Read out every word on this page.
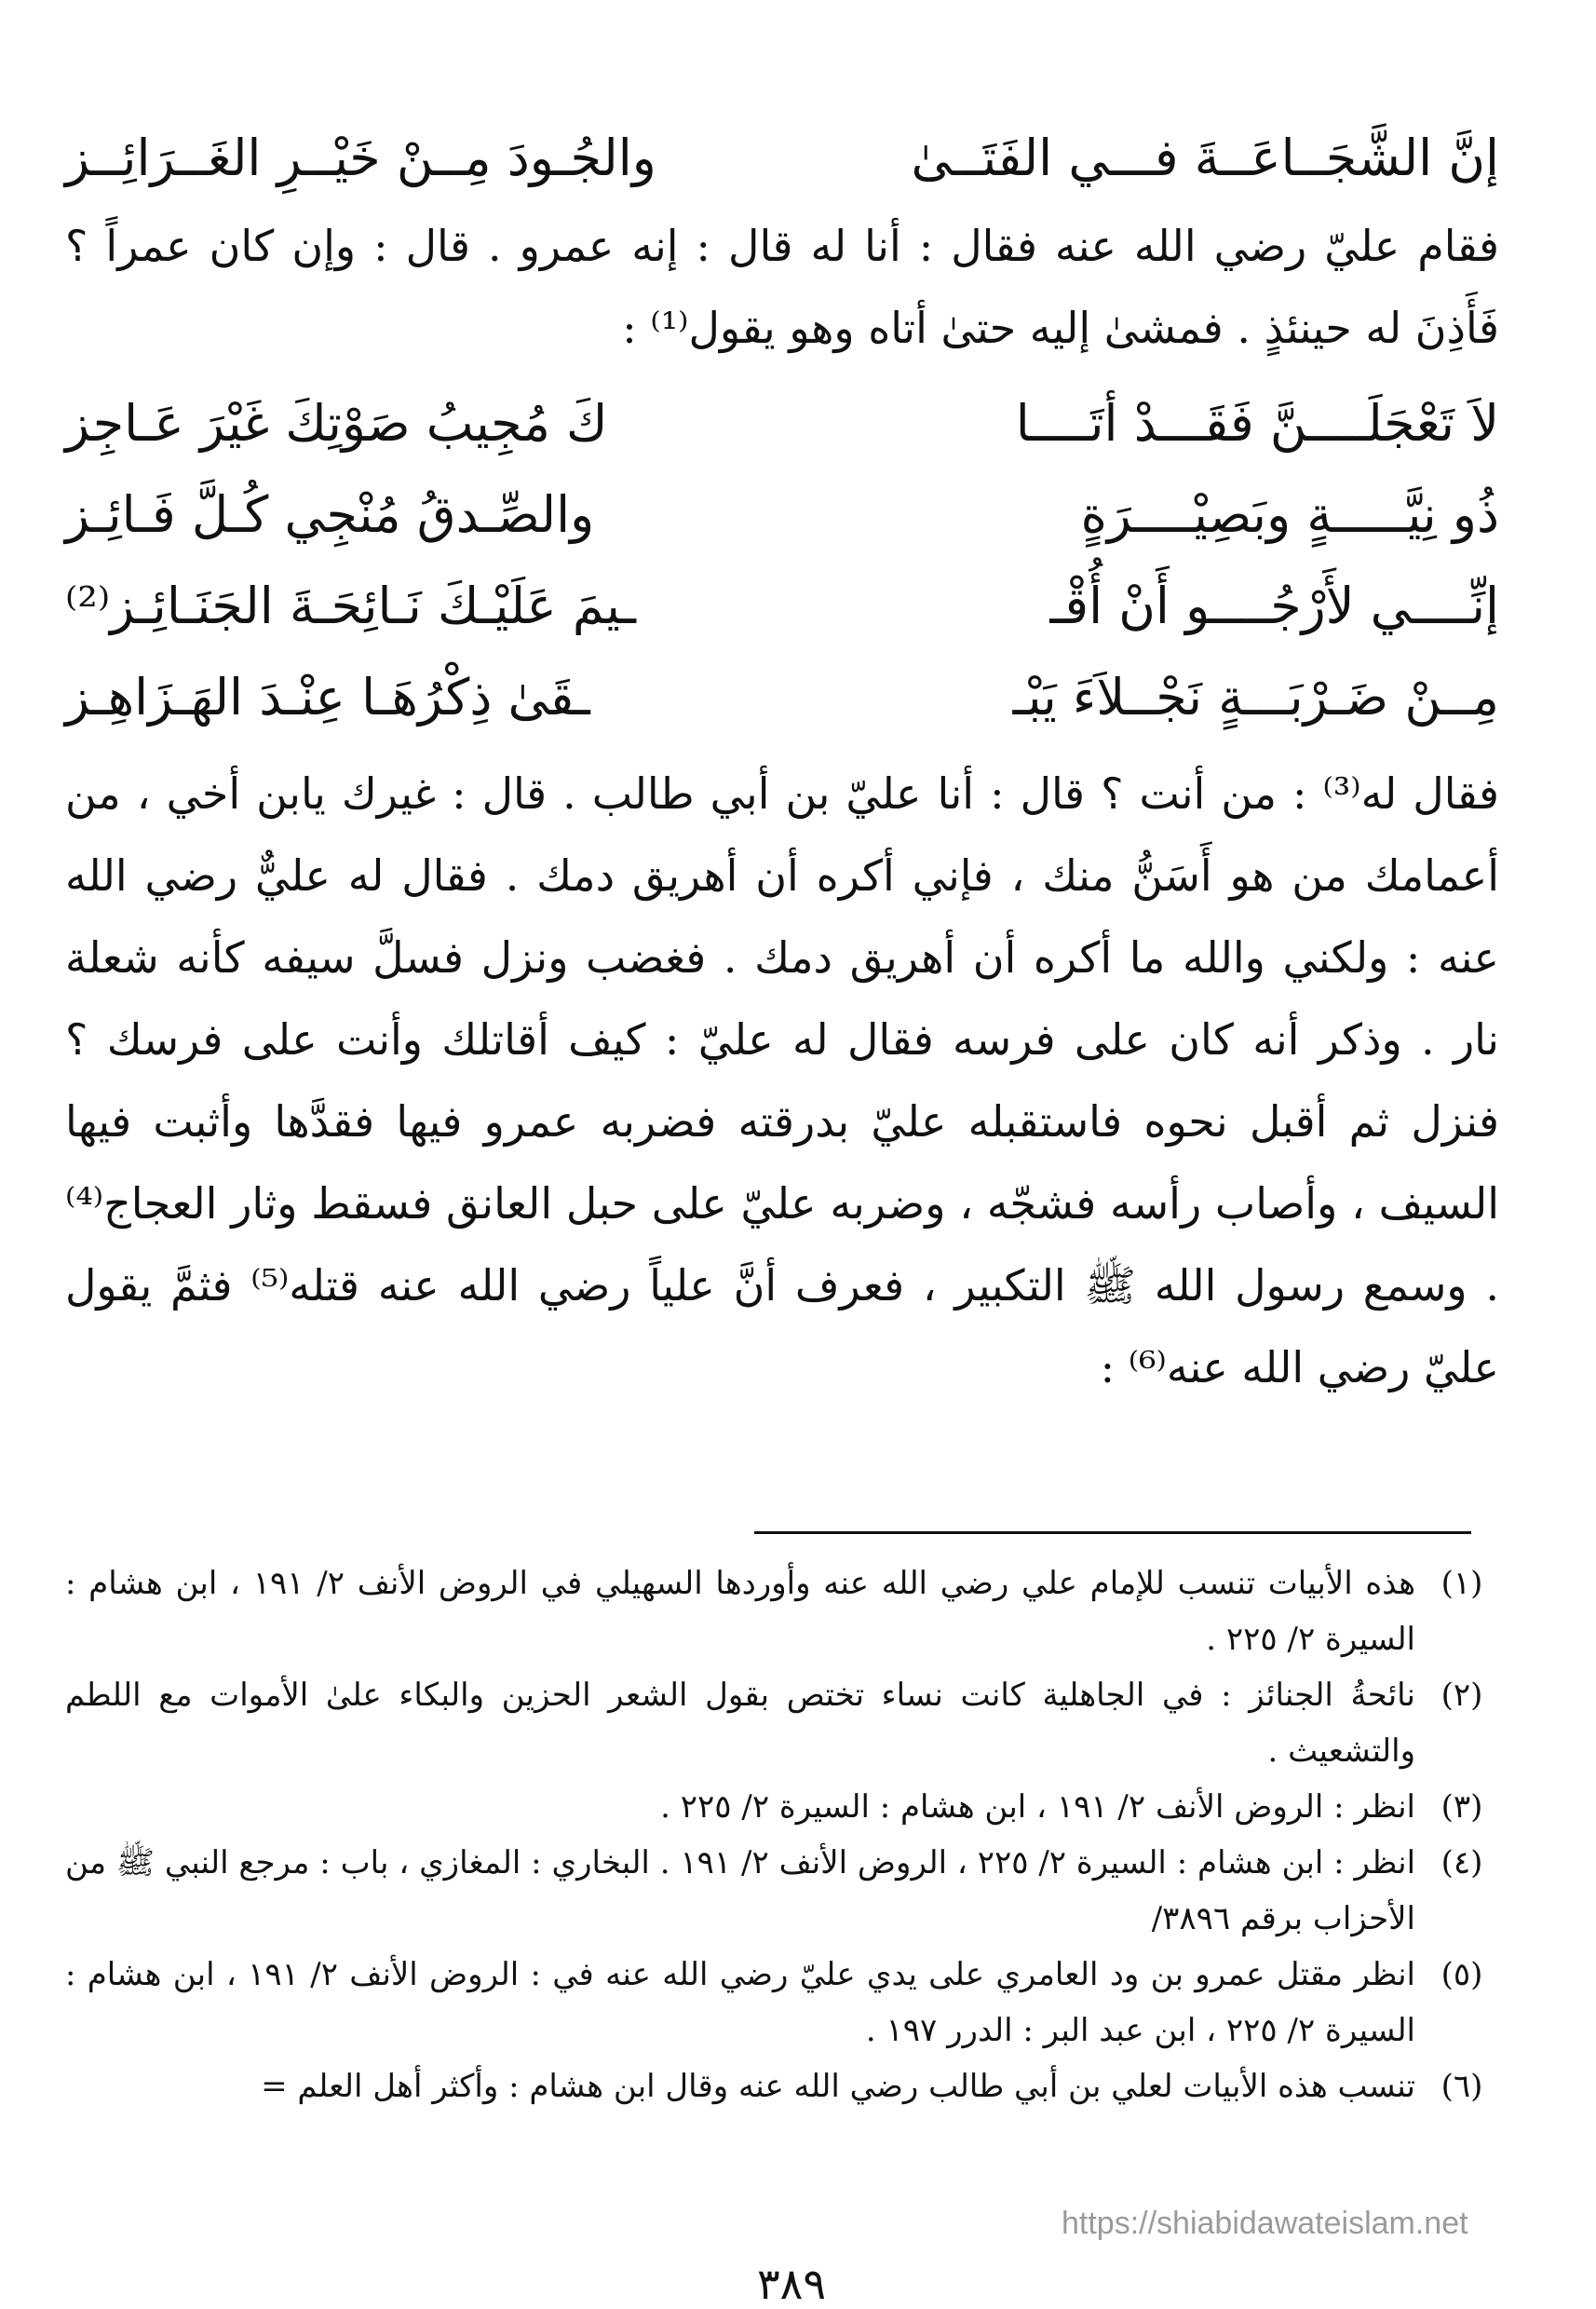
إنَّ الشَّجَــاعَــةَ فـــي الفَتَــىٰ
والجُـودَ مِــنْ خَيْــرِ الغَــرَائِــز

فقام عليّ رضي الله عنه فقال : أنا له قال : إنه عمرو . قال : وإن كان عمراً ؟ فَأَذِنَ له حينئذٍ . فمشىٰ إليه حتىٰ أتاه وهو يقول⁽¹⁾ :

لاَ تَعْجَلَــــنَّ فَقَـــدْ أتَــــا
كَ مُجِيبُ صَوْتِكَ غَيْرَ عَـاجِز
ذُو نِيَّـــــةٍ وبَصِيْــــرَةٍ
والصِّـدقُ مُنْجِي كُـلَّ فَـائِـز
إنِّــــي لأَرْجُــــو أَنْ أُقْـ
ـيمَ عَلَيْـكَ نَـائِحَـةَ الجَنَـائِـز⁽²⁾
مِــنْ ضَـرْبَـــةٍ نَجْــلاَءَ يَبْـ
ـقَىٰ ذِكْرُهَـا عِنْـدَ الهَـزَاهِـز

فقال له⁽³⁾ : من أنت ؟ قال : أنا عليّ بن أبي طالب . قال : غيرك يابن أخي ، من أعمامك من هو أَسَنُّ منك ، فإني أكره أن أهريق دمك . فقال له عليٌّ رضي الله عنه : ولكني والله ما أكره أن أهريق دمك . فغضب ونزل فسلَّ سيفه كأنه شعلة نار . وذكر أنه كان على فرسه فقال له عليّ : كيف أقاتلك وأنت على فرسك ؟ فنزل ثم أقبل نحوه فاستقبله عليّ بدرقته فضربه عمرو فيها فقدَّها وأثبت فيها السيف ، وأصاب رأسه فشجّه ، وضربه عليّ على حبل العانق فسقط وثار العجاج⁽⁴⁾ . وسمع رسول الله ﷺ التكبير ، فعرف أنَّ علياً رضي الله عنه قتله⁽⁵⁾ فثمَّ يقول عليّ رضي الله عنه⁽⁶⁾ :

(١)
هذه الأبيات تنسب للإمام علي رضي الله عنه وأوردها السهيلي في الروض الأنف ٢/ ١٩١ ، ابن هشام : السيرة ٢/ ٢٢٥ .
(٢)
نائحةُ الجنائز : في الجاهلية كانت نساء تختص بقول الشعر الحزين والبكاء علىٰ الأموات مع اللطم والتشعيث .
(٣)
انظر : الروض الأنف ٢/ ١٩١ ، ابن هشام : السيرة ٢/ ٢٢٥ .
(٤)
انظر : ابن هشام : السيرة ٢/ ٢٢٥ ، الروض الأنف ٢/ ١٩١ . البخاري : المغازي ، باب : مرجع النبي ﷺ من الأحزاب برقم ٣٨٩٦/
(٥)
انظر مقتل عمرو بن ود العامري على يدي عليّ رضي الله عنه في : الروض الأنف ٢/ ١٩١ ، ابن هشام : السيرة ٢/ ٢٢٥ ، ابن عبد البر : الدرر ١٩٧ .
(٦)
تنسب هذه الأبيات لعلي بن أبي طالب رضي الله عنه وقال ابن هشام : وأكثر أهل العلم =
https://shiabidawateislam.net
٣٨٩
